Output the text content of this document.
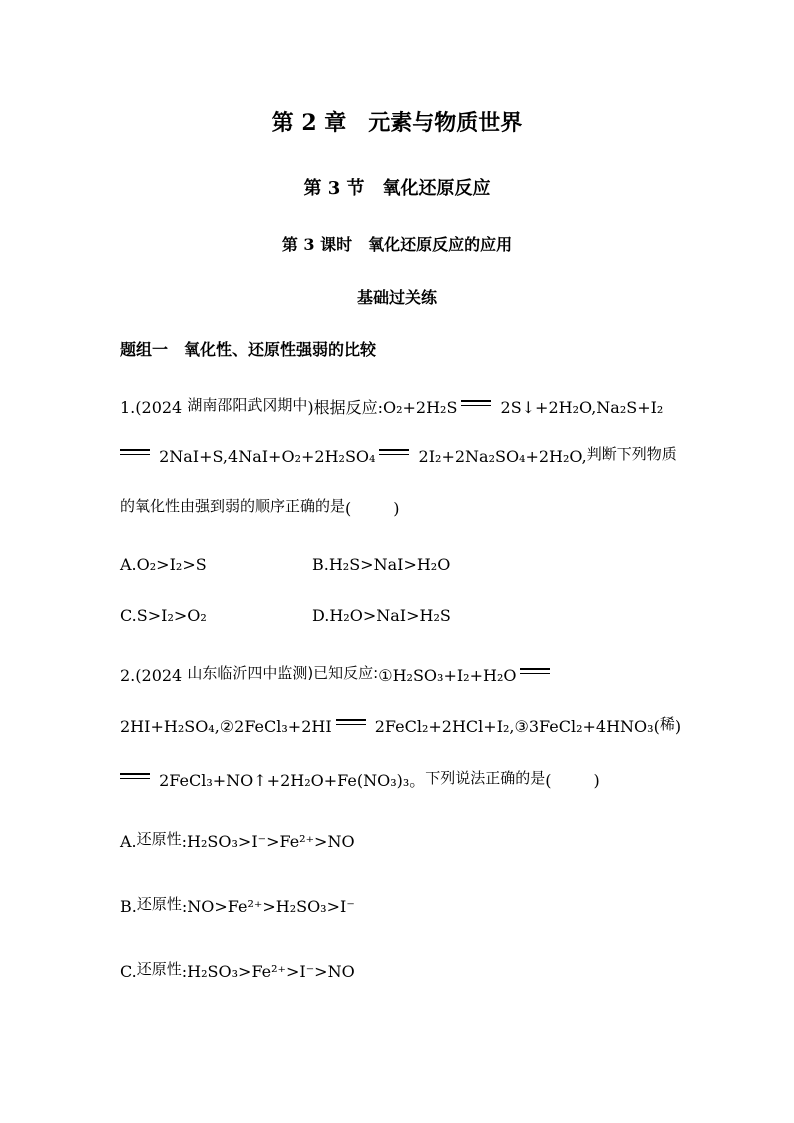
第 2 章　元素与物质世界
第 3 节　氧化还原反应
第 3 课时　氧化还原反应的应用
基础过关练
题组一　氧化性、还原性强弱的比较
1.(2024 湖南邵阳武冈期中)根据反应:O₂+2H₂S 2S↓+2H₂O,Na₂S+I₂
2NaI+S,4NaI+O₂+2H₂SO₄ 2I₂+2Na₂SO₄+2H₂O,判断下列物质
的氧化性由强到弱的顺序正确的是(	)
A.O₂>I₂>S	B.H₂S>NaI>H₂O
C.S>I₂>O₂	D.H₂O>NaI>H₂S
2.(2024 山东临沂四中监测)已知反应:①H₂SO₃+I₂+H₂O
2HI+H₂SO₄,②2FeCl₃+2HI 2FeCl₂+2HCl+I₂,③3FeCl₂+4HNO₃(稀)
2FeCl₃+NO↑+2H₂O+Fe(NO₃)₃。下列说法正确的是(	)
A.还原性:H₂SO₃>I⁻>Fe²⁺>NO
B.还原性:NO>Fe²⁺>H₂SO₃>I⁻
C.还原性:H₂SO₃>Fe²⁺>I⁻>NO
